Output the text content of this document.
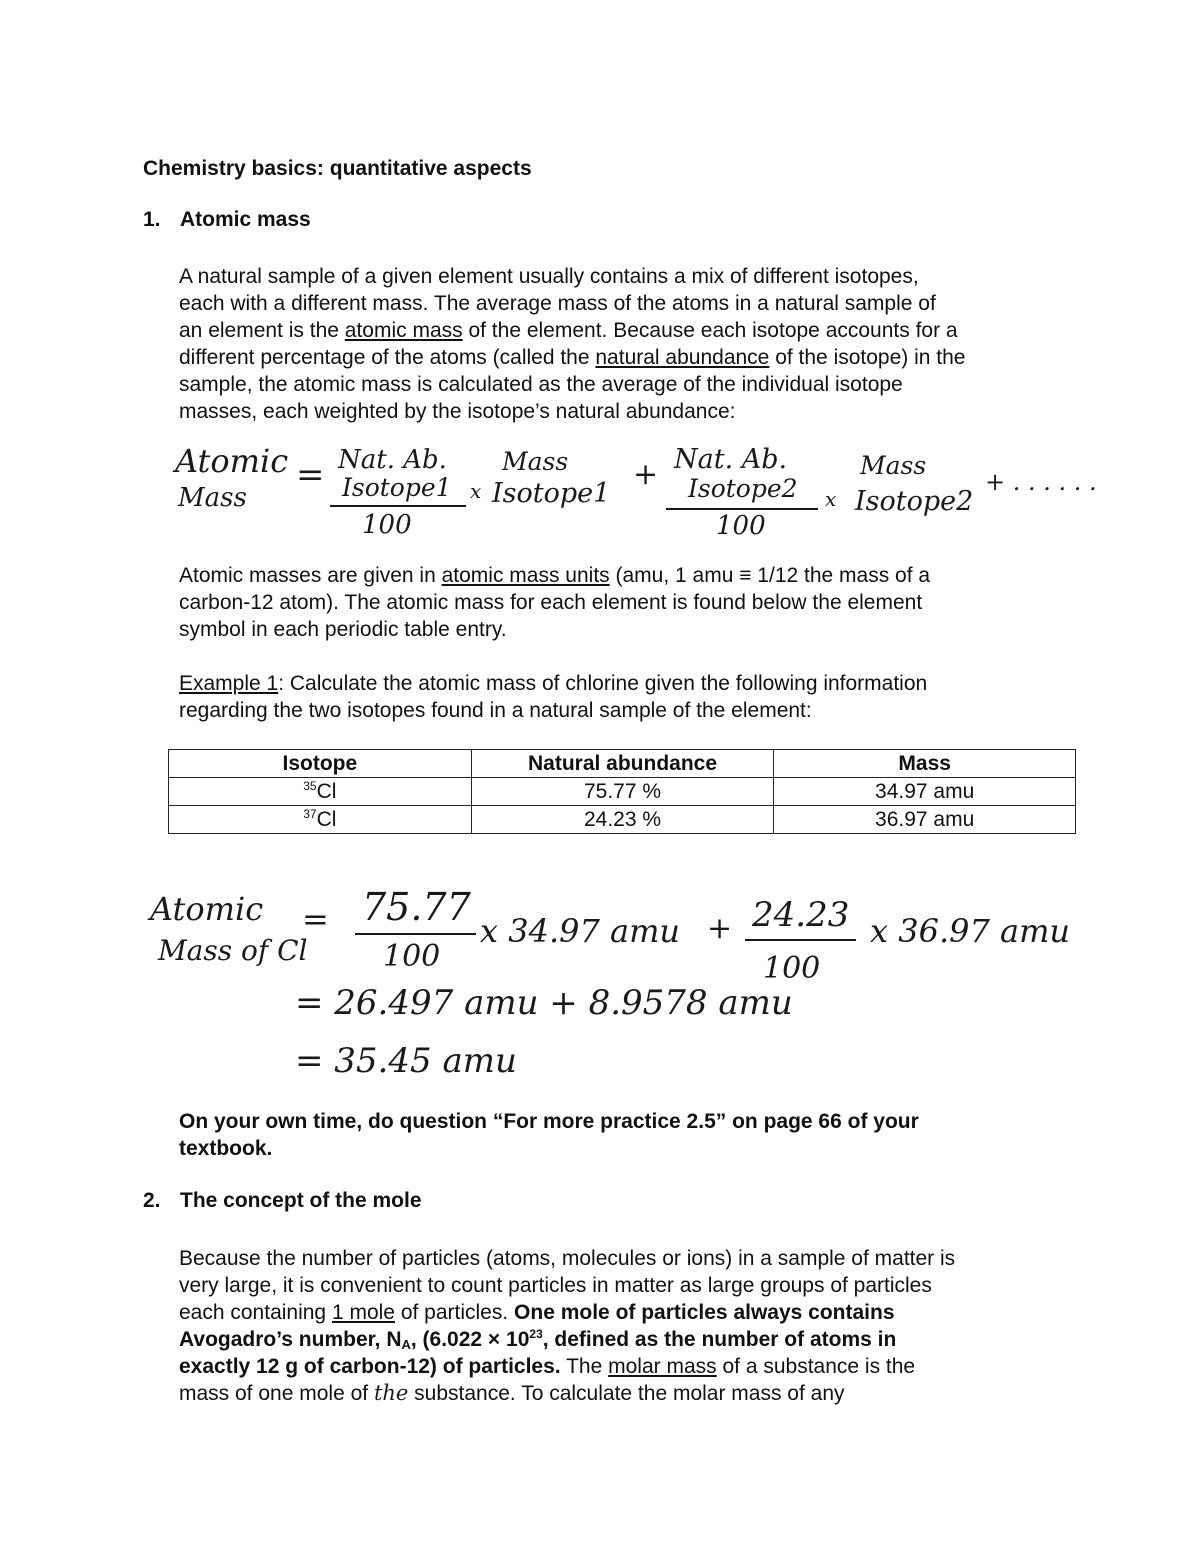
Chemistry basics: quantitative aspects
1. Atomic mass
A natural sample of a given element usually contains a mix of different isotopes,
each with a different mass. The average mass of the atoms in a natural sample of
an element is the atomic mass of the element. Because each isotope accounts for a
different percentage of the atoms (called the natural abundance of the isotope) in the
sample, the atomic mass is calculated as the average of the individual isotope
masses, each weighted by the isotope’s natural abundance:
Atomic
Mass
= Nat. Ab.
Isotope1
100
x
Mass
Isotope1
+ Nat. Ab.
Isotope2
100
x
Mass
Isotope2
+ . . . . . .
Atomic masses are given in atomic mass units (amu, 1 amu ≡ 1/12 the mass of a
carbon-12 atom). The atomic mass for each element is found below the element
symbol in each periodic table entry.
Example 1: Calculate the atomic mass of chlorine given the following information
regarding the two isotopes found in a natural sample of the element:
Isotope	Natural abundance	Mass
$^{35}$Cl	75.77 %	34.97 amu
$^{37}$Cl	24.23 %	36.97 amu
Atomic
Mass of Cl
= 75.77
100
x 34.97 amu + 24.23
100
x 36.97 amu
= 26.497 amu + 8.9578 amu
= 35.45 amu
On your own time, do question “For more practice 2.5” on page 66 of your
textbook.
2. The concept of the mole
Because the number of particles (atoms, molecules or ions) in a sample of matter is
very large, it is convenient to count particles in matter as large groups of particles
each containing 1 mole of particles. One mole of particles always contains
Avogadro’s number, $N_A$, ($6.022 \times 10^{23}$, defined as the number of atoms in
exactly 12 g of carbon-12) of particles. The molar mass of a substance is the
mass of one mole of the substance. To calculate the molar mass of any
